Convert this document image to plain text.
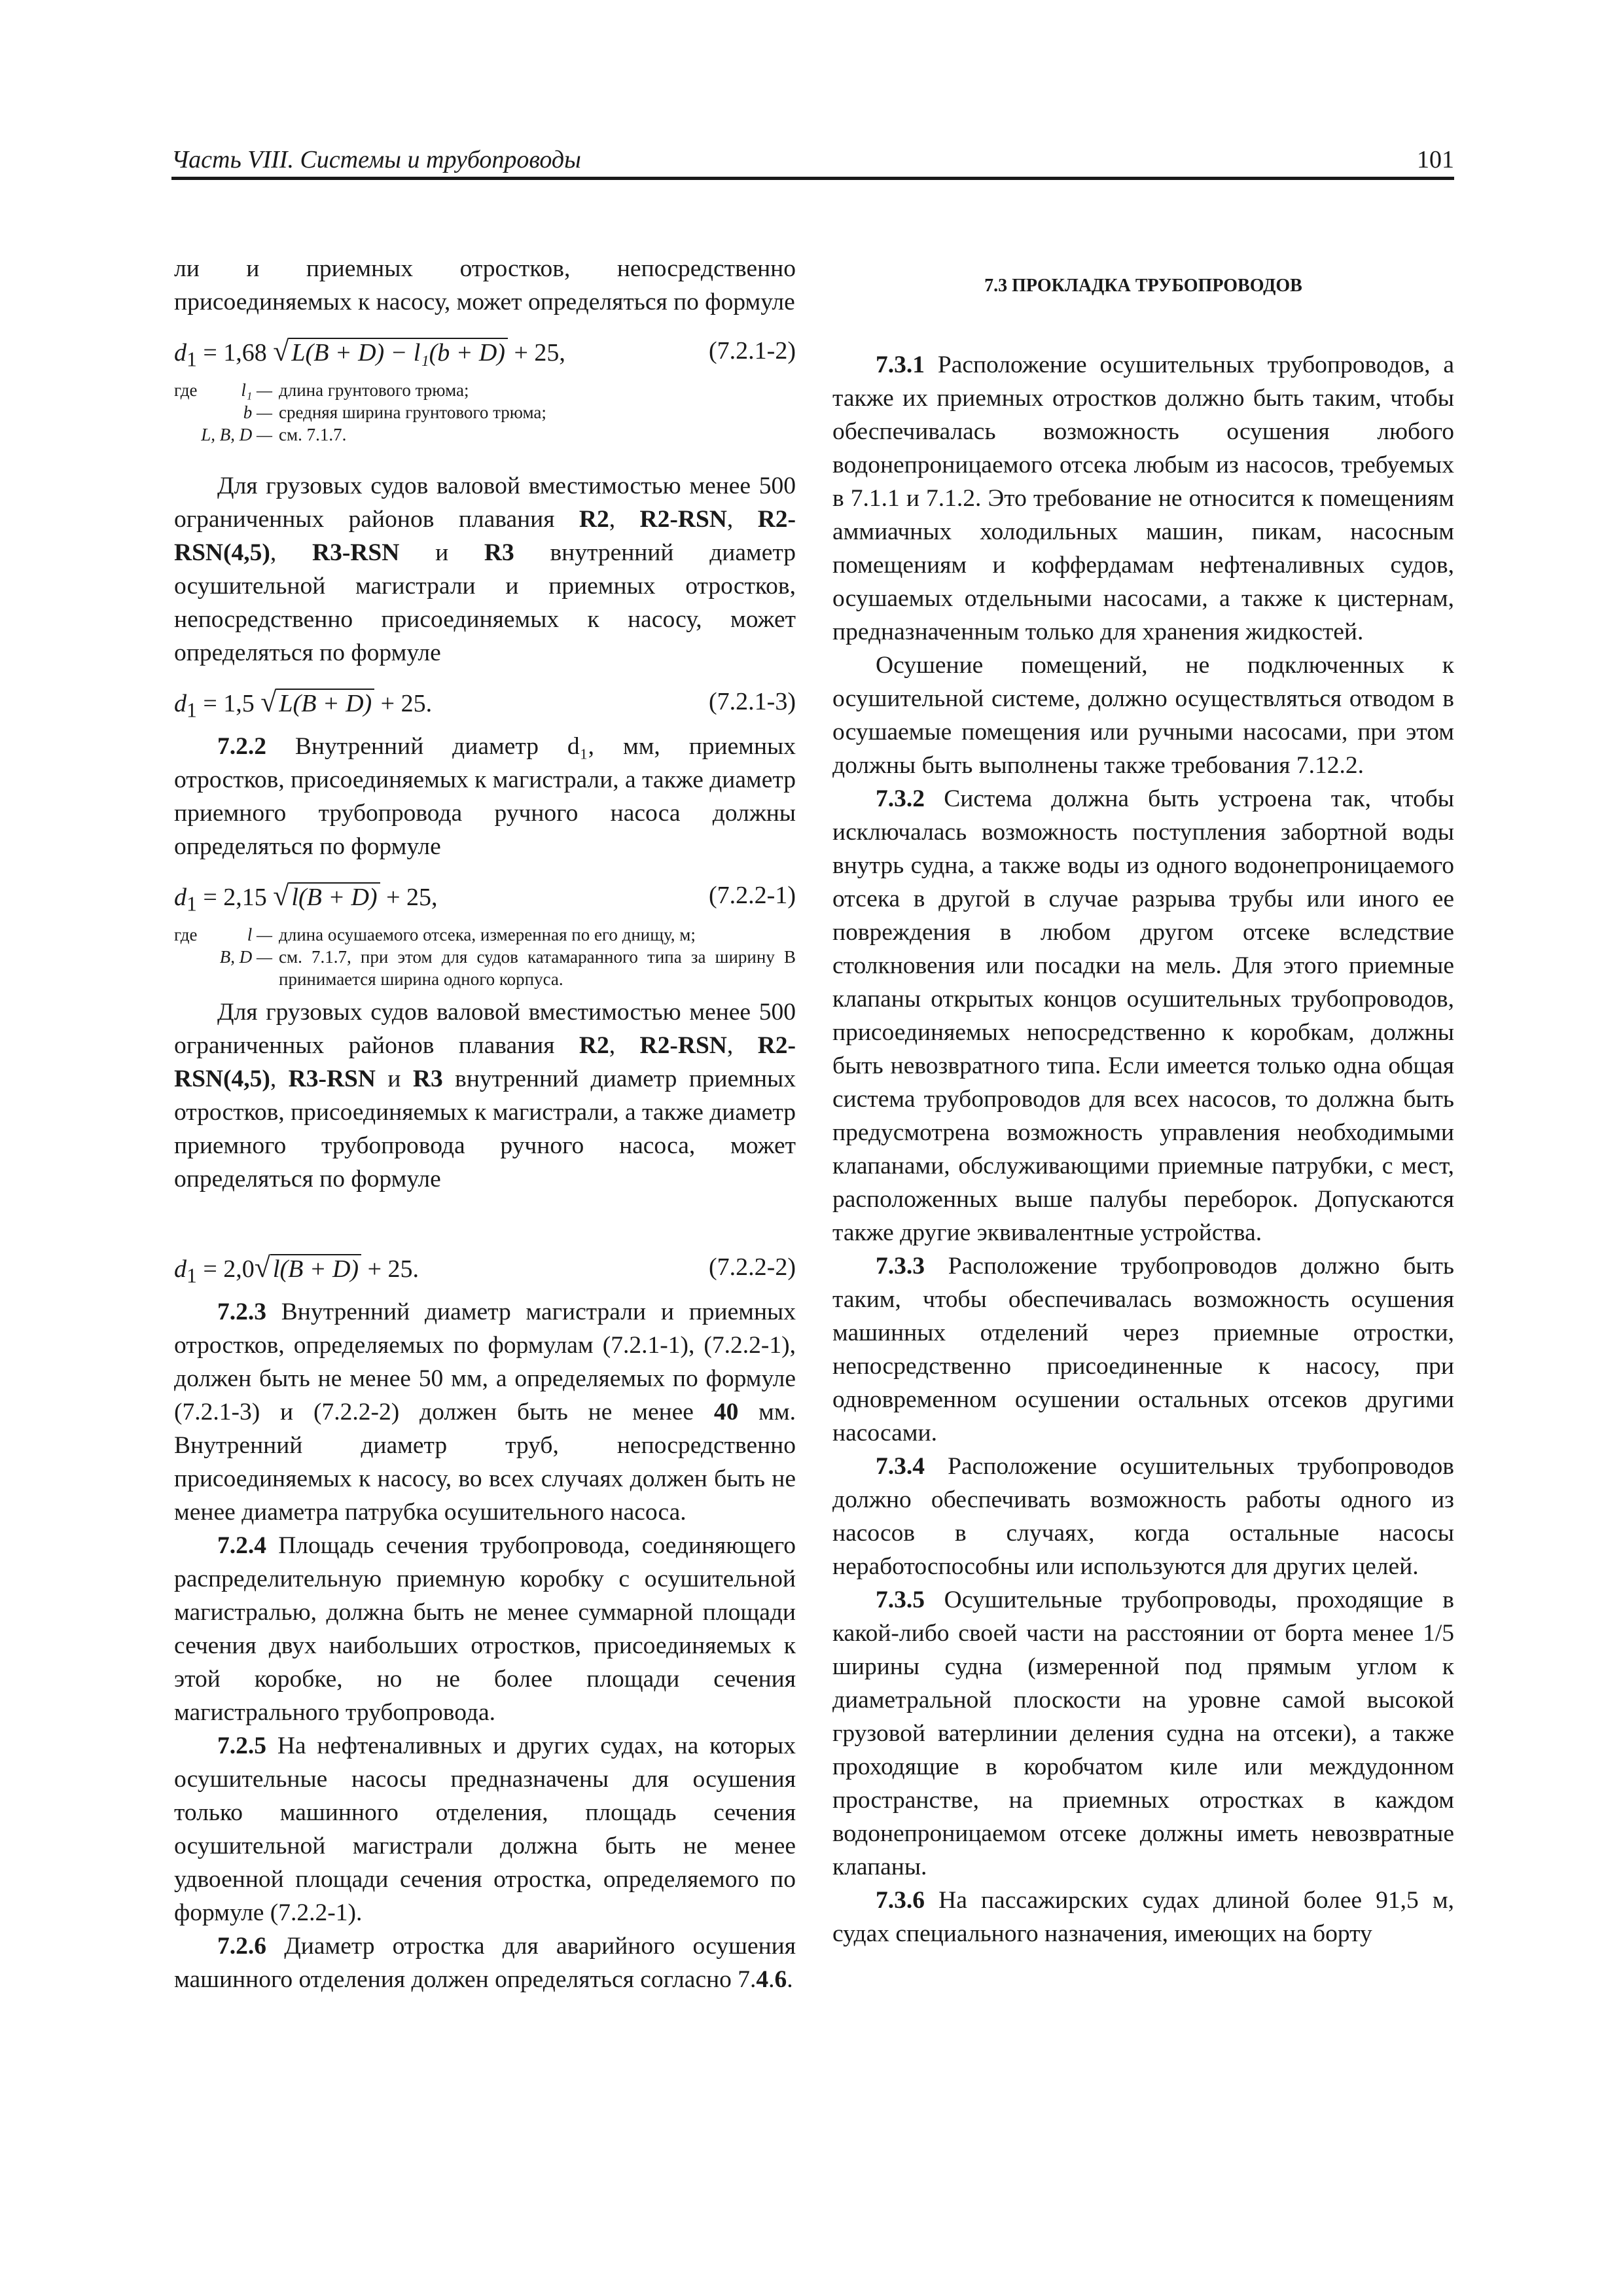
Часть VIII. Системы и трубопроводы	101

ли и приемных отростков, непосредственно присоединяемых к насосу, может определяться по формуле

$d_1 = 1,68$ √ L(B + D) − l₁(b + D) + 25,	(7.2.1-2)
где	l₁ — длина грунтового трюма;
b — средняя ширина грунтового трюма;
L, B, D — см. 7.1.7.

Для грузовых судов валовой вместимостью менее 500 ограниченных районов плавания R2, R2-RSN, R2-RSN(4,5), R3-RSN и R3 внутренний диаметр осушительной магистрали и приемных отростков, непосредственно присоединяемых к насосу, может определяться по формуле

$d_1 = 1,5$ √ L(B + D) + 25.	(7.2.1-3)

7.2.2 Внутренний диаметр d₁, мм, приемных отростков, присоединяемых к магистрали, а также диаметр приемного трубопровода ручного насоса должны определяться по формуле

$d_1 = 2,15$ √ l(B + D) + 25,	(7.2.2-1)
где	l — длина осушаемого отсека, измеренная по его днищу, м;
B, D — см. 7.1.7, при этом для судов катамаранного типа за ширину B принимается ширина одного корпуса.

Для грузовых судов валовой вместимостью менее 500 ограниченных районов плавания R2, R2-RSN, R2-RSN(4,5), R3-RSN и R3 внутренний диаметр приемных отростков, присоединяемых к магистрали, а также диаметр приемного трубопровода ручного насоса, может определяться по формуле

$d_1 = 2,0√$ l(B + D) + 25.	(7.2.2-2)

7.2.3 Внутренний диаметр магистрали и приемных отростков, определяемых по формулам (7.2.1-1), (7.2.2-1), должен быть не менее 50 мм, а определяемых по формуле (7.2.1-3) и (7.2.2-2) должен быть не менее 40 мм. Внутренний диаметр труб, непосредственно присоединяемых к насосу, во всех случаях должен быть не менее диаметра патрубка осушительного насоса.

7.2.4 Площадь сечения трубопровода, соединяющего распределительную приемную коробку с осушительной магистралью, должна быть не менее суммарной площади сечения двух наибольших отростков, присоединяемых к этой коробке, но не более площади сечения магистрального трубопровода.

7.2.5 На нефтеналивных и других судах, на которых осушительные насосы предназначены для осушения только машинного отделения, площадь сечения осушительной магистрали должна быть не менее удвоенной площади сечения отростка, определяемого по формуле (7.2.2-1).

7.2.6 Диаметр отростка для аварийного осушения машинного отделения должен определяться согласно 7.4.6.

7.3 ПРОКЛАДКА ТРУБОПРОВОДОВ

7.3.1 Расположение осушительных трубопроводов, а также их приемных отростков должно быть таким, чтобы обеспечивалась возможность осушения любого водонепроницаемого отсека любым из насосов, требуемых в 7.1.1 и 7.1.2. Это требование не относится к помещениям аммиачных холодильных машин, пикам, насосным помещениям и коффердамам нефтеналивных судов, осушаемых отдельными насосами, а также к цистернам, предназначенным только для хранения жидкостей.

Осушение помещений, не подключенных к осушительной системе, должно осуществляться отводом в осушаемые помещения или ручными насосами, при этом должны быть выполнены также требования 7.12.2.

7.3.2 Система должна быть устроена так, чтобы исключалась возможность поступления забортной воды внутрь судна, а также воды из одного водонепроницаемого отсека в другой в случае разрыва трубы или иного ее повреждения в любом другом отсеке вследствие столкновения или посадки на мель. Для этого приемные клапаны открытых концов осушительных трубопроводов, присоединяемых непосредственно к коробкам, должны быть невозвратного типа. Если имеется только одна общая система трубопроводов для всех насосов, то должна быть предусмотрена возможность управления необходимыми клапанами, обслуживающими приемные патрубки, с мест, расположенных выше палубы переборок. Допускаются также другие эквивалентные устройства.

7.3.3 Расположение трубопроводов должно быть таким, чтобы обеспечивалась возможность осушения машинных отделений через приемные отростки, непосредственно присоединенные к насосу, при одновременном осушении остальных отсеков другими насосами.

7.3.4 Расположение осушительных трубопроводов должно обеспечивать возможность работы одного из насосов в случаях, когда остальные насосы неработоспособны или используются для других целей.

7.3.5 Осушительные трубопроводы, проходящие в какой-либо своей части на расстоянии от борта менее 1/5 ширины судна (измеренной под прямым углом к диаметральной плоскости на уровне самой высокой грузовой ватерлинии деления судна на отсеки), а также проходящие в коробчатом киле или междудонном пространстве, на приемных отростках в каждом водонепроницаемом отсеке должны иметь невозвратные клапаны.

7.3.6 На пассажирских судах длиной более 91,5 м, судах специального назначения, имеющих на борту
